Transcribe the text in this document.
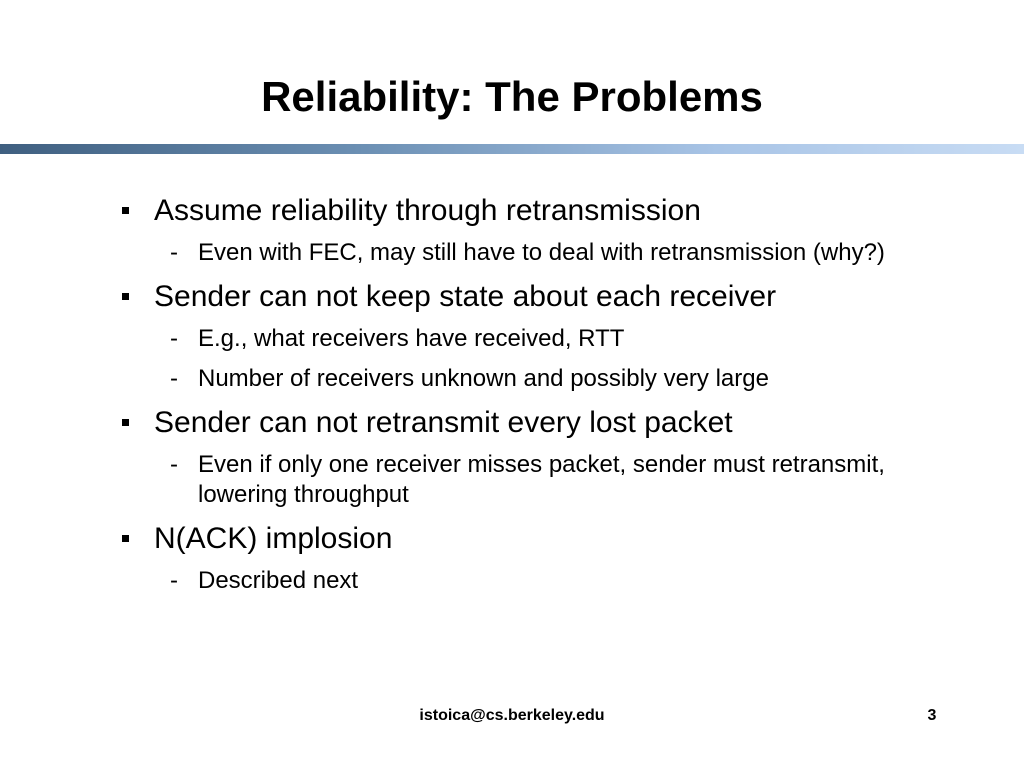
Reliability: The Problems
Assume reliability through retransmission
- Even with FEC, may still have to deal with retransmission (why?)
Sender can not keep state about each receiver
- E.g., what receivers have received, RTT
- Number of receivers unknown and possibly very large
Sender can not retransmit every lost packet
- Even if only one receiver misses packet, sender must retransmit, lowering throughput
N(ACK) implosion
- Described next
istoica@cs.berkeley.edu	3
